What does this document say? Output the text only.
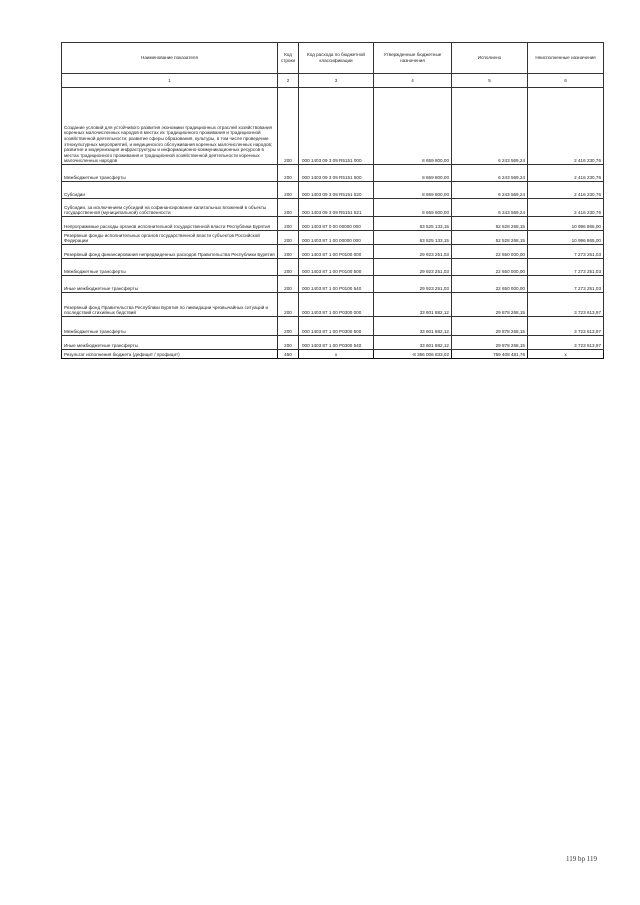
Наименование показателя	Код строки	Код расхода по бюджетной классификации	Утвержденные бюджетные назначения	Исполнено	Неисполненные назначения
1	2	3	4	5	6
Создание условий для устойчивого развития экономики традиционных отраслей хозяйствования коренных малочисленных народов в местах их традиционного проживания и традиционной хозяйственной деятельности; развитие сферы образования, культуры, в том числе проведение этнокультурных мероприятий, и медицинского обслуживания коренных малочисленных народов; развитие и модернизация инфраструктуры и информационно-коммуникационных ресурсов в местах традиционного проживания и традиционной хозяйственной деятельности коренных малочисленных народов	200	000 1403 09 3 09 R5151 000	8 659 800,00	6 243 569,24	2 416 230,76
Межбюджетные трансферты	200	000 1403 09 3 09 R5151 500	8 659 800,00	6 243 569,24	2 416 230,76
Субсидии	200	000 1403 09 3 09 R5151 520	8 659 800,00	6 243 569,24	2 416 230,76
Субсидии, за исключением субсидий на софинансирование капитальных вложений в объекты государственной (муниципальной) собственности	200	000 1403 09 3 09 R5151 521	8 659 800,00	6 243 569,24	2 416 230,76
Непрограммные расходы органов исполнительной государственной власти Республики Бурятия	200	000 1403 87 0 00 00000 000	63 525 133,15	52 528 268,15	10 996 865,00
Резервные фонды исполнительных органов государственной власти субъектов Российской Федерации	200	000 1403 87 1 00 00000 000	63 525 133,15	52 528 268,15	10 996 865,00
Резервный фонд финансирования непредвиденных расходов Правительства Республики Бурятия	200	000 1403 87 1 00 Р0100 000	29 923 251,03	22 650 000,00	7 273 251,03
Межбюджетные трансферты	200	000 1403 87 1 00 Р0100 500	29 923 251,03	22 650 000,00	7 273 251,03
Иные межбюджетные трансферты	200	000 1403 87 1 00 Р0100 540	29 923 251,03	22 650 000,00	7 273 251,03
Резервный фонд Правительства Республики Бурятия по ликвидации чрезвычайных ситуаций и последствий стихийных бедствий	200	000 1403 87 1 00 Р0300 000	33 601 882,12	29 878 268,15	3 723 613,97
Межбюджетные трансферты	200	000 1403 87 1 00 Р0300 500	33 601 882,12	29 878 268,15	3 723 613,97
Иные межбюджетные трансферты	200	000 1403 87 1 00 Р0300 540	33 601 882,12	29 878 268,15	3 723 613,97
Результат исполнения бюджета (дефицит / профицит)	450	х	-8 356 006 833,02	759 408 481,76	х
119 bp 119
